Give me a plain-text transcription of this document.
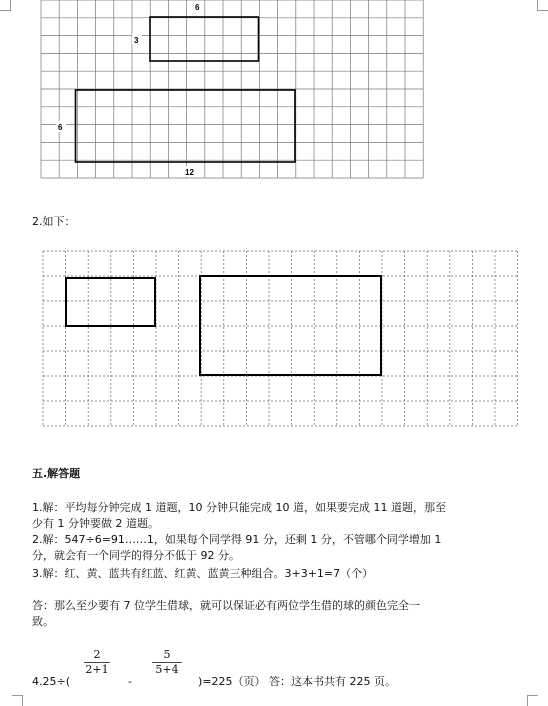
6
3
6
12
2.如下：
五.解答题
1.解：平均每分钟完成 1 道题，10 分钟只能完成 10 道，如果要完成 11 道题，那至
少有 1 分钟要做 2 道题。
2.解：547÷6=91……1，如果每个同学得 91 分，还剩 1 分，不管哪个同学增加 1
分，就会有一个同学的得分不低于 92 分。
3.解：红、黄、蓝共有红蓝、红黄、蓝黄三种组合。3+3+1=7（个）
答：那么至少要有 7 位学生借球，就可以保证必有两位学生借的球的颜色完全一
致。
4.25÷(
2
2+1
-
5
5+4
)=225（页） 答：这本书共有 225 页。
